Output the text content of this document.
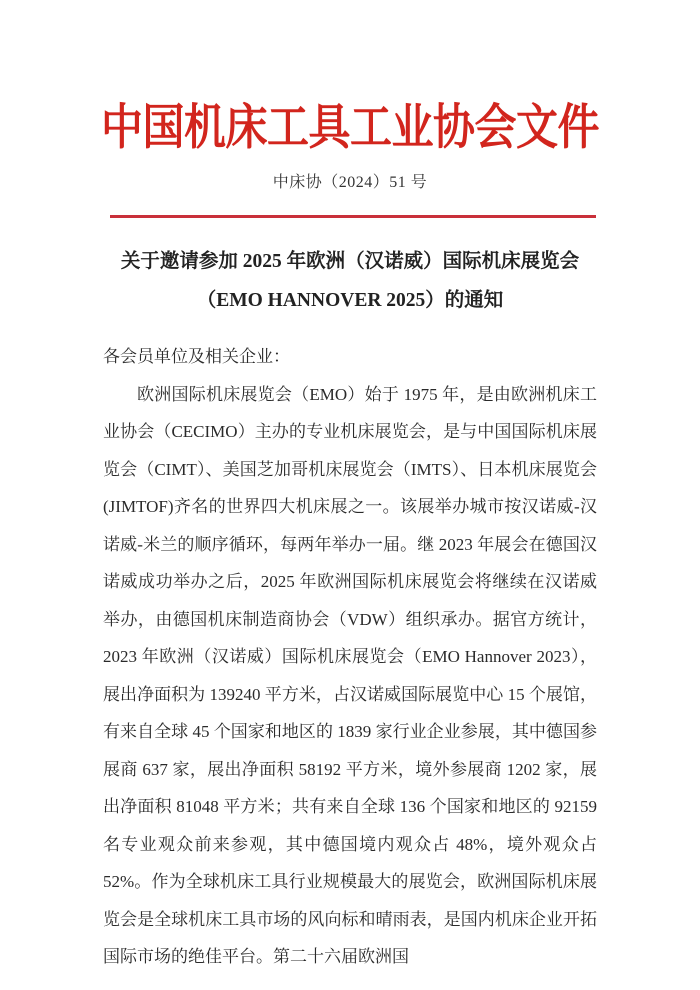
中国机床工具工业协会文件
中床协（2024）51 号
关于邀请参加 2025 年欧洲（汉诺威）国际机床展览会
（EMO HANNOVER 2025）的通知
各会员单位及相关企业：

欧洲国际机床展览会（EMO）始于 1975 年，是由欧洲机床工业协会（CECIMO）主办的专业机床展览会，是与中国国际机床展览会（CIMT）、美国芝加哥机床展览会（IMTS）、日本机床展览会(JIMTOF)齐名的世界四大机床展之一。该展举办城市按汉诺威-汉诺威-米兰的顺序循环，每两年举办一届。继 2023 年展会在德国汉诺威成功举办之后，2025 年欧洲国际机床展览会将继续在汉诺威举办，由德国机床制造商协会（VDW）组织承办。据官方统计，2023 年欧洲（汉诺威）国际机床展览会（EMO Hannover 2023），展出净面积为 139240 平方米，占汉诺威国际展览中心 15 个展馆，有来自全球 45 个国家和地区的 1839 家行业企业参展，其中德国参展商 637 家，展出净面积 58192 平方米，境外参展商 1202 家，展出净面积 81048 平方米；共有来自全球 136 个国家和地区的 92159 名专业观众前来参观，其中德国境内观众占 48%，境外观众占 52%。作为全球机床工具行业规模最大的展览会，欧洲国际机床展览会是全球机床工具市场的风向标和晴雨表，是国内机床企业开拓国际市场的绝佳平台。第二十六届欧洲国
